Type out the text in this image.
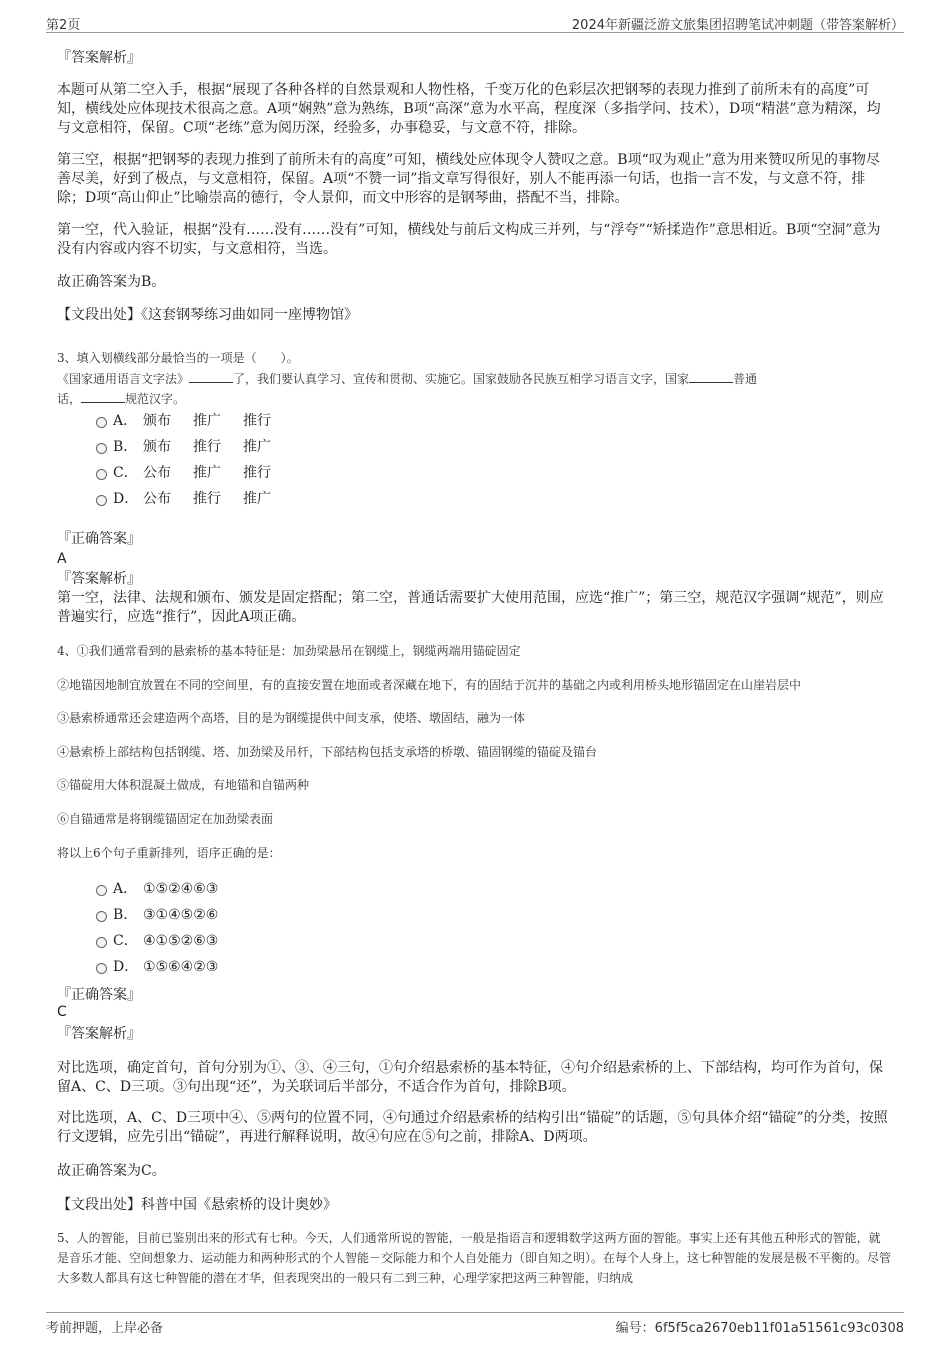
第2页	2024年新疆泛游文旅集团招聘笔试冲刺题（带答案解析）

『答案解析』

本题可从第二空入手，根据“展现了各种各样的自然景观和人物性格，千变万化的色彩层次把钢琴的表现力推到了前所未有的高度”可知，横线处应体现技术很高之意。A项“娴熟”意为熟练，B项“高深”意为水平高，程度深（多指学问、技术），D项“精湛”意为精深，均与文意相符，保留。C项“老练”意为阅历深，经验多，办事稳妥，与文意不符，排除。

第三空，根据“把钢琴的表现力推到了前所未有的高度”可知，横线处应体现令人赞叹之意。B项“叹为观止”意为用来赞叹所见的事物尽善尽美，好到了极点，与文意相符，保留。A项“不赞一词”指文章写得很好，别人不能再添一句话，也指一言不发，与文意不符，排除；D项“高山仰止”比喻崇高的德行，令人景仰，而文中形容的是钢琴曲，搭配不当，排除。

第一空，代入验证，根据“没有……没有……没有”可知，横线处与前后文构成三并列，与“浮夸”“矫揉造作”意思相近。B项“空洞”意为没有内容或内容不切实，与文意相符，当选。

故正确答案为B。

【文段出处】《这套钢琴练习曲如同一座博物馆》

3、填入划横线部分最恰当的一项是（　　）。

《国家通用语言文字法》	了，我们要认真学习、宣传和贯彻、实施它。国家鼓励各民族互相学习语言文字，国家	普通
话，	规范汉字。

A． 颁布 推广 推行
B． 颁布 推行 推广
C． 公布 推广 推行
D． 公布 推行 推广

『正确答案』

A

『答案解析』

第一空，法律、法规和颁布、颁发是固定搭配；第二空，普通话需要扩大使用范围，应选“推广”；第三空，规范汉字强调“规范”，则应普遍实行，应选“推行”，因此A项正确。

4、①我们通常看到的悬索桥的基本特征是：加劲梁悬吊在钢缆上，钢缆两端用锚碇固定

②地锚因地制宜放置在不同的空间里，有的直接安置在地面或者深藏在地下，有的固结于沉井的基础之内或利用桥头地形锚固定在山崖岩层中

③悬索桥通常还会建造两个高塔，目的是为钢缆提供中间支承，使塔、墩固结，融为一体

④悬索桥上部结构包括钢缆、塔、加劲梁及吊杆，下部结构包括支承塔的桥墩、锚固钢缆的锚碇及锚台

⑤锚碇用大体积混凝土做成，有地锚和自锚两种

⑥自锚通常是将钢缆锚固定在加劲梁表面

将以上6个句子重新排列，语序正确的是：

A． ①⑤②④⑥③
B． ③①④⑤②⑥
C． ④①⑤②⑥③
D． ①⑤⑥④②③

『正确答案』

C

『答案解析』

对比选项，确定首句，首句分别为①、③、④三句，①句介绍悬索桥的基本特征，④句介绍悬索桥的上、下部结构，均可作为首句，保留A、C、D三项。③句出现“还”，为关联词后半部分，不适合作为首句，排除B项。

对比选项，A、C、D三项中④、⑤两句的位置不同，④句通过介绍悬索桥的结构引出“锚碇”的话题，⑤句具体介绍“锚碇”的分类，按照行文逻辑，应先引出“锚碇”，再进行解释说明，故④句应在⑤句之前，排除A、D两项。

故正确答案为C。

【文段出处】科普中国《悬索桥的设计奥妙》

5、人的智能，目前已鉴别出来的形式有七种。今天，人们通常所说的智能，一般是指语言和逻辑数学这两方面的智能。事实上还有其他五种形式的智能，就是音乐才能、空间想象力、运动能力和两种形式的个人智能－交际能力和个人自处能力（即自知之明）。在每个人身上，这七种智能的发展是极不平衡的。尽管大多数人都具有这七种智能的潜在才华，但表现突出的一般只有二到三种，心理学家把这两三种智能，归纳成

考前押题，上岸必备	编号：6f5f5ca2670eb11f01a51561c93c0308
